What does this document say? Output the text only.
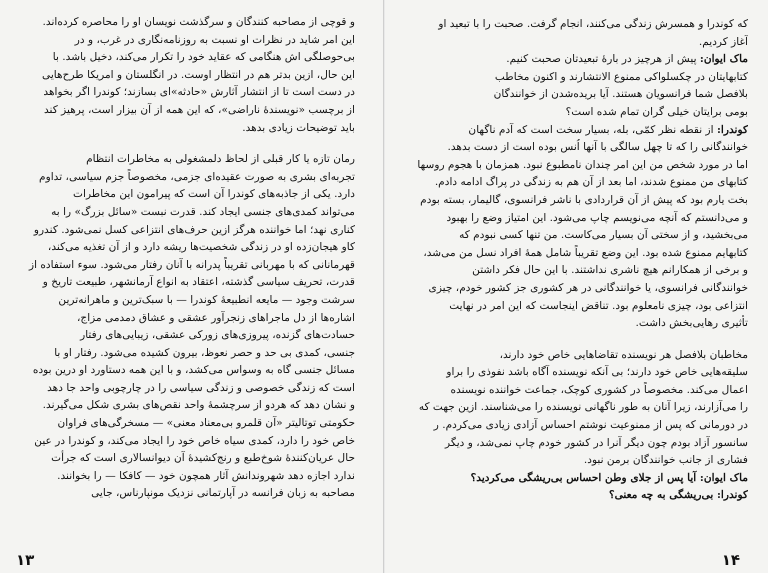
و قوچی از مصاحبه کنندگان و سرگذشت نویسان او را محاصره کرده‌اند.
این امر شاید در نظرات او نسبت به روزنامه‌نگاری در غرب، و در
بی‌حوصلگی اش هنگامی که عقاید خود را تکرار می‌کند، دخیل باشد. با
این حال، ازین بدتر هم در انتظار اوست. در انگلستان و امریکا طرح‌هایی
در دست است تا از انتشار آثارش «حادثه»ای بسازند؛ کوندرا اگر بخواهد
از برچسب «نویسندهٔ ناراضی»، که این همه از آن بیزار است، پرهیز کند
باید توضیحات زیادی بدهد.
رمان تازه یا کار قبلی از لحاظ دلمشغولی به مخاطرات انتظام
تجربه‌ای بشری به صورت عقیده‌ای جزمی، مخصوصاً جزم سیاسی، تداوم
دارد. یکی از جاذبه‌های کوندرا آن است که پیرامون این مخاطرات
می‌تواند کمدی‌های جنسی ایجاد کند. قدرت نبست «سائل بزرگ» را به
کناری نهد؛ اما خواننده هرگز ازین حرف‌های انتزاعی کسل نمی‌شود. کندرو
کاو هیجان‌زده او در زندگی شخصیت‌ها ریشه دارد و از آن تغذیه می‌کند،
قهرمانانی که با مهربانی تقریباً پدرانه با آنان رفتار می‌شود. سوء استفاده از
قدرت، تحریف سیاسی گذشته، اعتقاد به انواع آرمانشهر، طبیعت تاریخ و
سرشت وجود — مایعه انطبیعهٔ کوندرا — با سبک‌ترین و ماهرانه‌ترین
اشاره‌ها از دل ماجراهای زنجرآور عشقی و عشاق دمدمی مزاج،
حسادت‌های گزنده، پیروزی‌های زورکی عشقی، زیبایی‌های رفتار
جنسی، کمدی بی حد و حصر نعوظ، بیرون کشیده می‌شود. رفتار او با
مسائل جنسی گاه به وسواس می‌کشد، و با این همه دستاورد او درین بوده
است که زندگی خصوصی و زندگی سیاسی را در چارچوبی واحد جا دهد
و نشان دهد که هردو از سرچشمهٔ واحد نقص‌های بشری شکل می‌گیرند.
حکومتی توتالیتر «آن قلمرو بی‌معناد معنی» — مسخرگی‌های فراوان
خاص خود را دارد، کمدی سیاه خاص خود را ایجاد می‌کند، و کوندرا در عین
حال عریان‌کنندهٔ شوخ‌طبع و رنج‌کشیدهٔ آن دیوانسالاری است که جرأت
ندارد اجازه دهد شهروندانش آثار همچون خود — کافکا — را بخوانند.
مصاحبه به زبان فرانسه در آپارتمانی نزدیک مونپارناس، جایی
۱۳
که کوندرا و همسرش زندگی می‌کنند، انجام گرفت. صحبت را با تبعید او
آغاز کردیم.
ماک ایوان: پیش از هرچیز در بارهٔ تبعیدتان صحبت کنیم.
کتابهایتان در چکسلواکی ممنوع الانتشارند و اکنون مخاطب
بلافصل شما فرانسویان هستند. آیا بریده‌شدن از خوانندگان
بومی برایتان خیلی گران تمام شده است؟
کوندرا: از نقطه نظر کمّی، بله، بسیار سخت است که آدم ناگهان
خوانندگانی را که تا چهل سالگی با آنها اُنس بوده است از دست بدهد.
اما در مورد شخص من این امر چندان نامطبوع نبود. همزمان با هجوم روسها
کتابهای من ممنوع شدند، اما بعد از آن هم به زندگی در پراگ ادامه دادم.
بخت یارم بود که پیش از آن قراردادی با ناشر فرانسوی، گالیمار، بسته بودم
و می‌دانستم که آنچه می‌نویسم چاپ می‌شود. این امتیاز وضع را بهبود
می‌بخشید، و از سختی آن بسیار می‌کاست. من تنها کسی نبودم که
کتابهایم ممنوع شده بود. این وضع تقریباً شامل همهٔ افراد نسل من می‌شد،
و برخی از همکارانم هیچ ناشری نداشتند. با این حال فکر داشتن
خوانندگانی فرانسوی، یا خوانندگانی در هر کشوری جز کشور خودم، چیزی
انتزاعی بود، چیزی نامعلوم بود. تناقض اینجاست که این امر در نهایت
تأثیری رهایی‌بخش داشت.
مخاطبان بلافصل هر نویسنده تقاضاهایی خاص خود دارند،
سلیقه‌هایی خاص خود دارند؛ بی آنکه نویسنده آگاه باشد نفوذی را براو
اعمال می‌کند. مخصوصاً در کشوری کوچک، جماعت خواننده نویسنده
را می‌آزارند، زیرا آنان به طور ناگهانی نویسنده را می‌شناسند. ازین جهت که
در دورمانی که پس از ممنوعیت نوشتم احساس آزادی زیادی می‌کردم. ر
سانسور آزاد بودم چون دیگر آنرا در کشور خودم چاپ نمی‌شد، و دیگر
فشاری از جانب خوانندگان برمن نبود.
ماک ایوان: آیا پس از جلای وطن احساس بی‌ریشگی می‌کردید؟
کوندرا: بی‌ریشگی به چه معنی؟
۱۴
